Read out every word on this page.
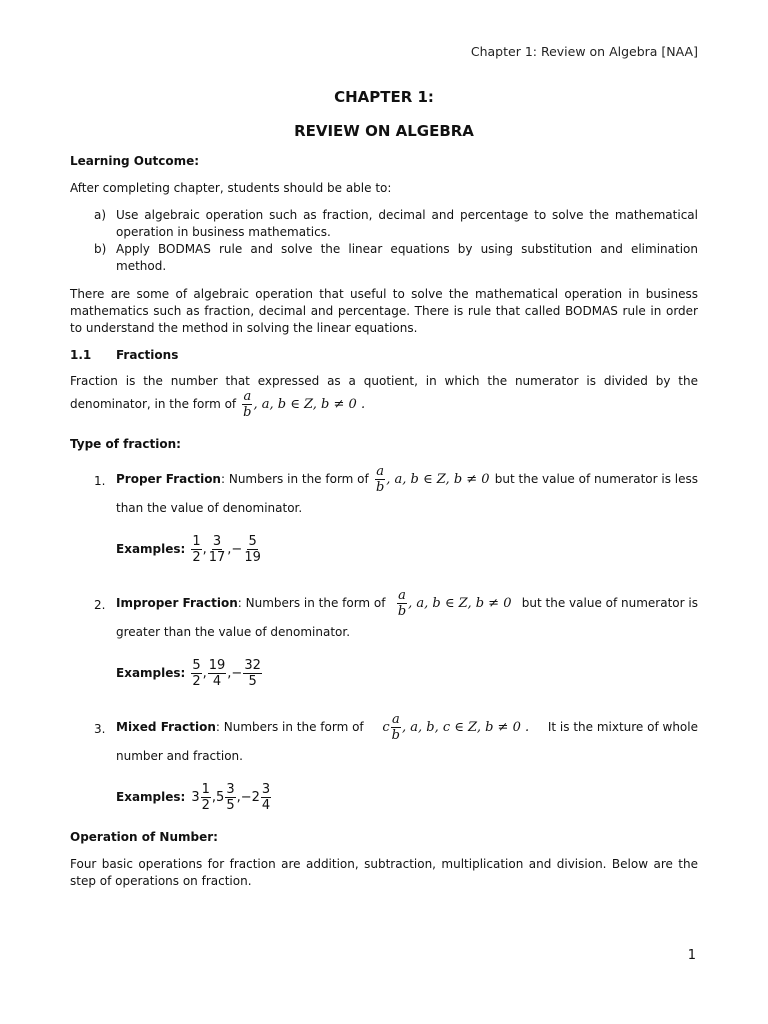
Chapter 1: Review on Algebra [NAA]
CHAPTER 1:
REVIEW ON ALGEBRA
Learning Outcome:
After completing chapter, students should be able to:
a) Use algebraic operation such as fraction, decimal and percentage to solve the mathematical operation in business mathematics.
b) Apply BODMAS rule and solve the linear equations by using substitution and elimination method.
There are some of algebraic operation that useful to solve the mathematical operation in business mathematics such as fraction, decimal and percentage. There is rule that called BODMAS rule in order to understand the method in solving the linear equations.
1.1 Fractions
Fraction is the number that expressed as a quotient, in which the numerator is divided by the
denominator, in the form of $\frac{a}{b}$ , a, b ∈ Z, b ≠ 0 .
Type of fraction:
1. Proper Fraction: Numbers in the form of $\frac{a}{b}$ , a, b ∈ Z, b ≠ 0 but the value of numerator is less
than the value of denominator.
Examples: $\frac{1}{2}$ , $\frac{3}{17}$ ,− $\frac{5}{19}$
2. Improper Fraction: Numbers in the form of $\frac{a}{b}$ , a, b ∈ Z, b ≠ 0 but the value of numerator is
greater than the value of denominator.
Examples: $\frac{5}{2}$ , $\frac{19}{4}$ ,− $\frac{32}{5}$
3. Mixed Fraction: Numbers in the form of c $\frac{a}{b}$ , a, b, c ∈ Z, b ≠ 0 . It is the mixture of whole
number and fraction.
Examples: $3 \frac{1}{2}$ , $5 \frac{3}{5}$ ,− $2 \frac{3}{4}$
Operation of Number:
Four basic operations for fraction are addition, subtraction, multiplication and division. Below are the step of operations on fraction.
1
